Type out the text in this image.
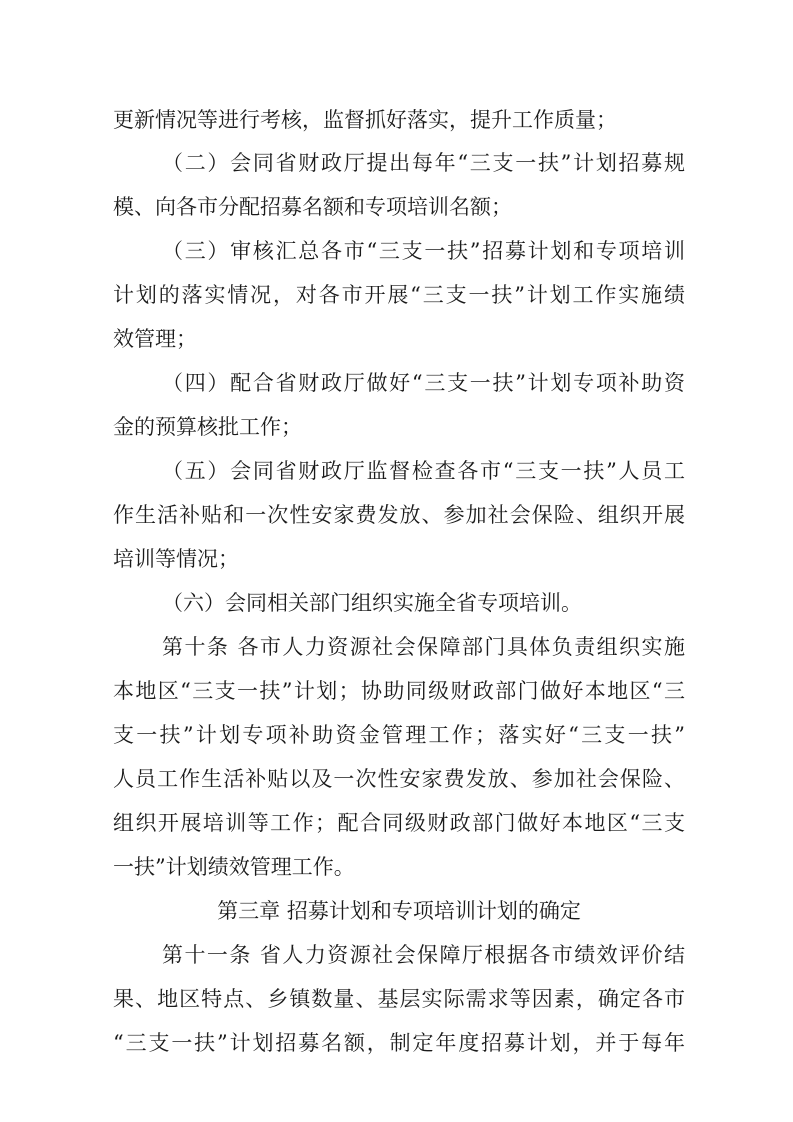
更新情况等进行考核，监督抓好落实，提升工作质量；
（二）会同省财政厅提出每年“三支一扶”计划招募规
模、向各市分配招募名额和专项培训名额；
（三）审核汇总各市“三支一扶”招募计划和专项培训
计划的落实情况，对各市开展“三支一扶”计划工作实施绩
效管理；
（四）配合省财政厅做好“三支一扶”计划专项补助资
金的预算核批工作；
（五）会同省财政厅监督检查各市“三支一扶”人员工
作生活补贴和一次性安家费发放、参加社会保险、组织开展
培训等情况；
（六）会同相关部门组织实施全省专项培训。
第十条 各市人力资源社会保障部门具体负责组织实施
本地区“三支一扶”计划；协助同级财政部门做好本地区“三
支一扶”计划专项补助资金管理工作；落实好“三支一扶”
人员工作生活补贴以及一次性安家费发放、参加社会保险、
组织开展培训等工作；配合同级财政部门做好本地区“三支
一扶”计划绩效管理工作。
第三章 招募计划和专项培训计划的确定
第十一条 省人力资源社会保障厅根据各市绩效评价结
果、地区特点、乡镇数量、基层实际需求等因素，确定各市
“三支一扶”计划招募名额，制定年度招募计划，并于每年
